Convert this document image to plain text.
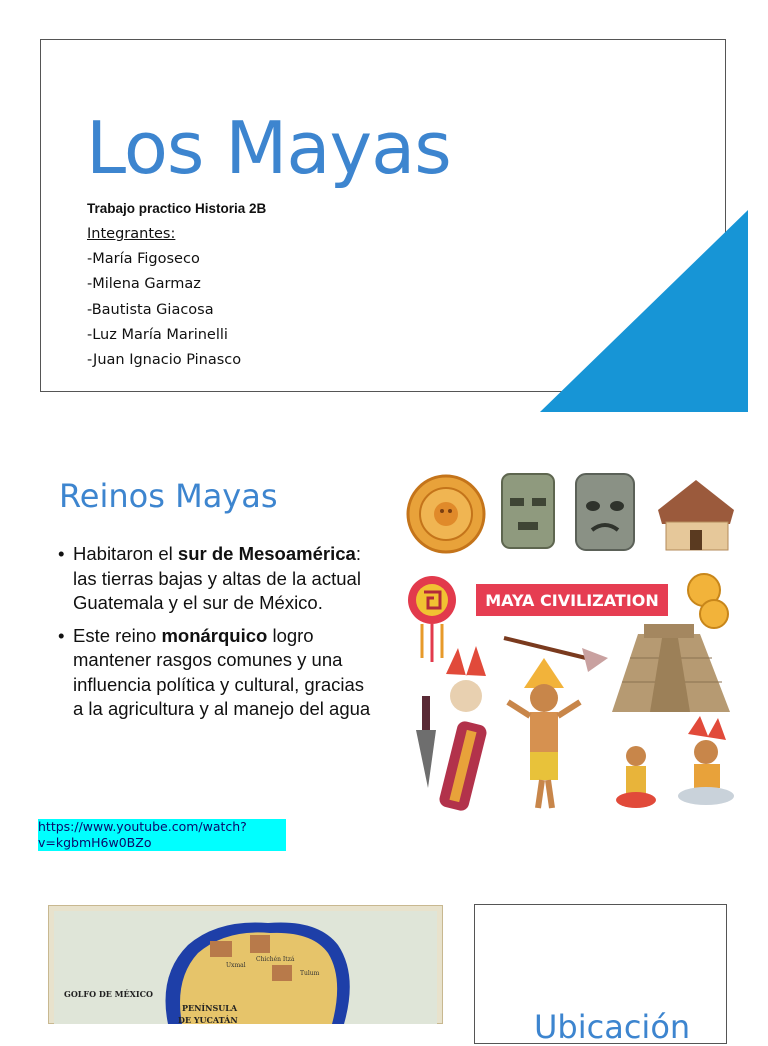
Los Mayas
Trabajo practico Historia 2B
Integrantes:
-María Figoseco
-Milena Garmaz
-Bautista Giacosa
-Luz María Marinelli
-Juan Ignacio Pinasco
Reinos Mayas
• Habitaron el sur de Mesoamérica: las tierras bajas y altas de la actual Guatemala y el sur de México.
• Este reino monárquico logro mantener rasgos comunes y una influencia política y cultural, gracias a la agricultura y al manejo del agua
MAYA CIVILIZATION
https://www.youtube.com/watch?v=kgbmH6w0BZo
Uxmal
Chichén Itzá
Tulum
GOLFO DE MÉXICO
PENÍNSULA
DE YUCATÁN	Ubicación
